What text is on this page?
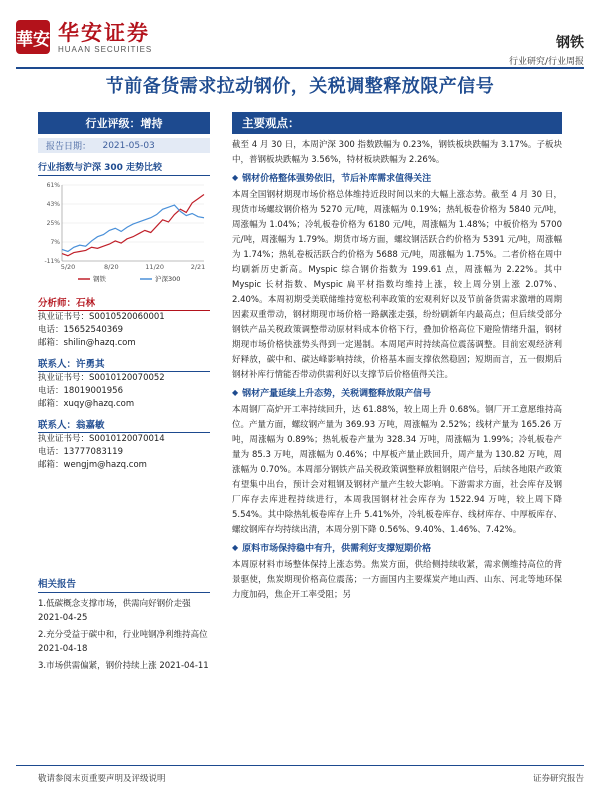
華安 华安证券
HUAAN SECURITIES	钢铁
行业研究/行业周报
节前备货需求拉动钢价，关税调整释放限产信号
行业评级： 增持
报告日期：
2021-05-03
行业指数与沪深 300 走势比较
61%
43%
25%
7%
-11%
5/20	8/20	11/20	2/21
钢铁	沪深300
分析师：石林
执业证书号：S0010520060001
电话：15652540369
邮箱：shilin@hazq.com
联系人：许勇其
执业证书号：S0010120070052
电话：18019001956
邮箱：xuqy@hazq.com
联系人：翁嘉敏
执业证书号：S0010120070014
电话：13777083119
邮箱：wengjm@hazq.com
相关报告
1.低碳概念支撑市场，供需向好钢价走强 2021-04-25
2.充分受益于碳中和，行业吨钢净利维持高位 2021-04-18
3.市场供需偏紧，钢价持续上涨 2021-04-11
主要观点：
截至 4 月 30 日，本周沪深 300 指数跌幅为 0.23%，钢铁板块跌幅为 3.17%。子板块中，普钢板块跌幅为 3.56%，特材板块跌幅为 2.26%。
◆ 钢材价格整体强势依旧，节后补库需求值得关注
本周全国钢材期现市场价格总体维持近段时间以来的大幅上涨态势。截至 4 月 30 日，现货市场螺纹钢价格为 5270 元/吨，周涨幅为 0.19%；热轧板卷价格为 5840 元/吨，周涨幅为 1.04%；冷轧板卷价格为 6180 元/吨，周涨幅为 1.48%；中板价格为 5700 元/吨，周涨幅为 1.79%。期货市场方面，螺纹钢活跃合约价格为 5391 元/吨，周涨幅为 1.74%；热轧卷板活跃合约价格为 5688 元/吨，周涨幅为 1.75%。二者价格在周中均刷新历史新高。Myspic 综合钢价指数为 199.61 点，周涨幅为 2.22%。其中 Myspic 长材指数、Myspic 扁平材指数均维持上涨，较上周分别上涨 2.07%、2.40%。本周初期受美联储维持宽松利率政策的宏观利好以及节前备货需求激增的周期因素双重带动，钢材期现市场价格一路飙涨走强，纷纷刷新年内最高点；但后续受部分钢铁产品关税政策调整带动原材料成本价格下行，叠加价格高位下避险情绪升温，钢材期现市场价格快涨势头得到一定遏制。本周尾声时持续高位震荡调整。目前宏观经济利好释放，碳中和、碳达峰影响持续，价格基本面支撑依然稳固；短期而言，五一假期后钢材补库行情能否带动供需利好以支撑节后价格值得关注。
◆ 钢材产量延续上升态势，关税调整释放限产信号
本周钢厂高炉开工率持续回升，达 61.88%，较上周上升 0.68%。钢厂开工意愿维持高位。产量方面，螺纹钢产量为 369.93 万吨，周涨幅为 2.52%；线材产量为 165.26 万吨，周涨幅为 0.89%；热轧板卷产量为 328.34 万吨，周涨幅为 1.99%；冷轧板卷产量为 85.3 万吨，周涨幅为 0.46%；中厚板产量止跌回升，周产量为 130.82 万吨，周涨幅为 0.70%。本周部分钢铁产品关税政策调整释放粗钢限产信号，后续各地限产政策有望集中出台，预计会对粗钢及钢材产量产生较大影响。下游需求方面，社会库存及钢厂库存去库进程持续进行，本周我国钢材社会库存为 1522.94 万吨，较上周下降 5.54%。其中除热轧板卷库存上升 5.41%外，冷轧板卷库存、线材库存、中厚板库存、螺纹钢库存均持续出清，本周分别下降 0.56%、9.40%、1.46%、7.42%。
◆ 原料市场保持稳中有升，供需利好支撑短期价格
本周原材料市场整体保持上涨态势。焦炭方面，供给侧持续收紧，需求侧维持高位的背景驱使，焦炭期现价格高位震荡；一方面国内主要煤炭产地山西、山东、河北等地环保力度加码，焦企开工率受阻；另
敬请参阅末页重要声明及评级说明	证券研究报告
